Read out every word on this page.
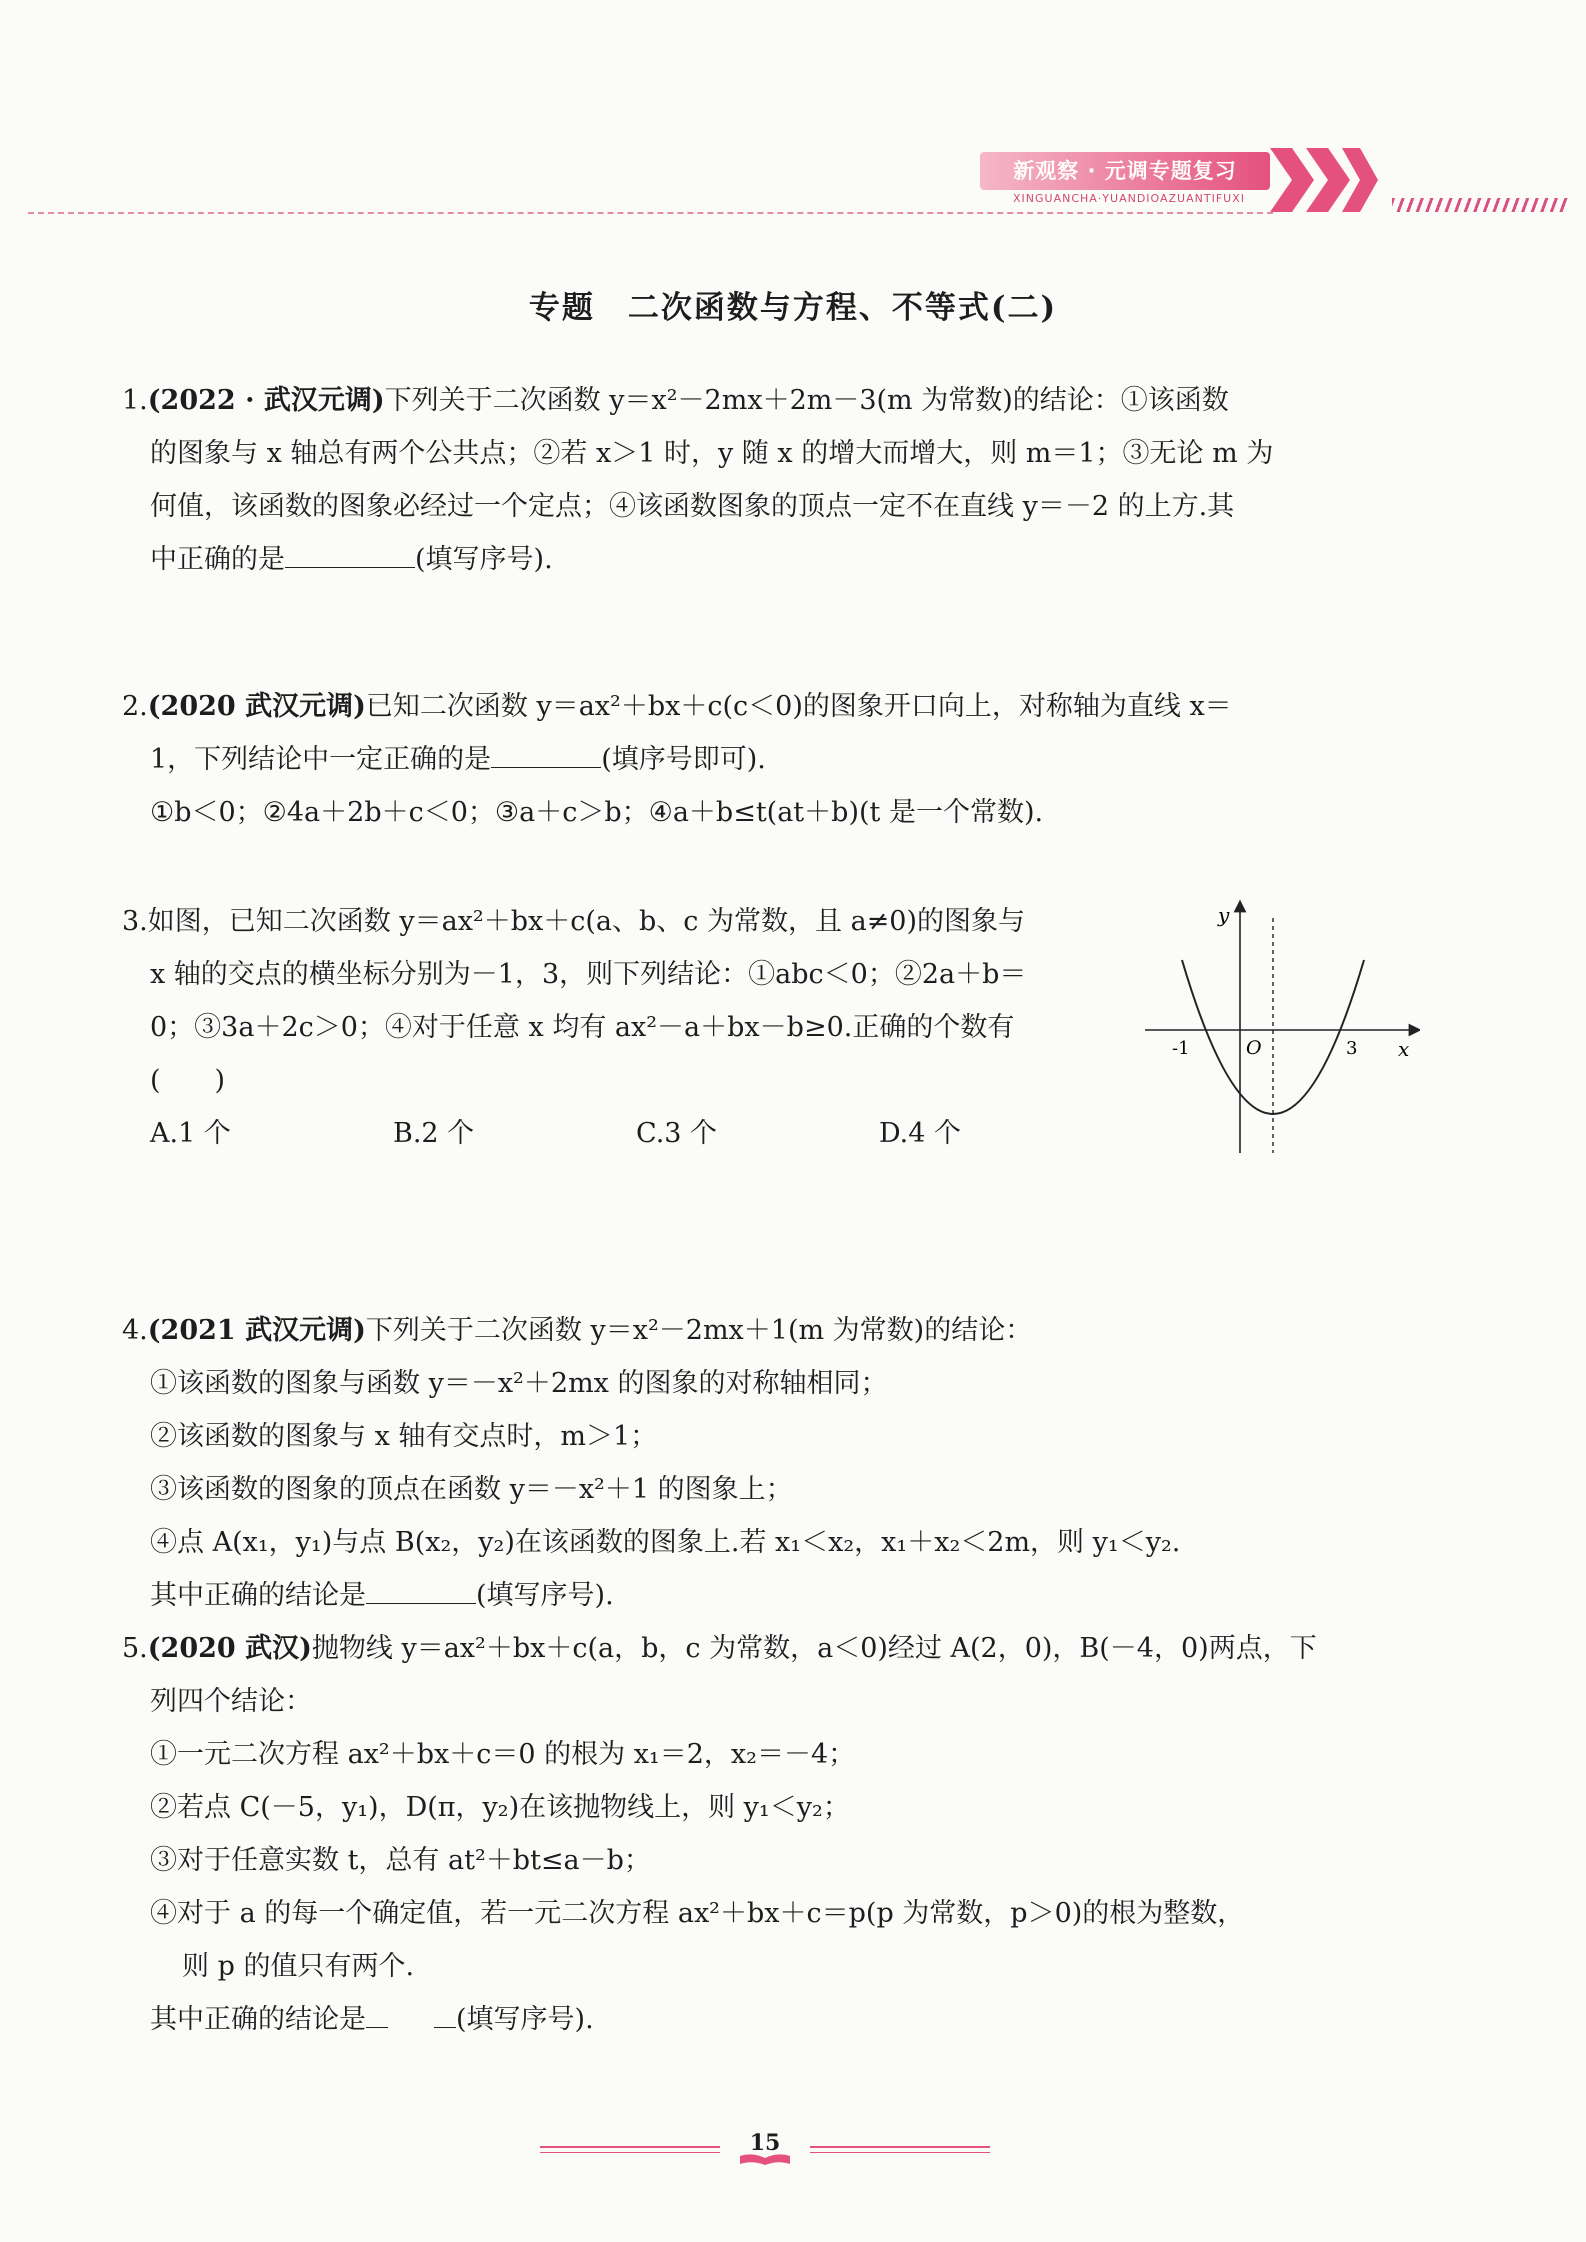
新观察 · 元调专题复习
XINGUANCHA·YUANDIOAZUANTIFUXI
专题　二次函数与方程、不等式(二)

1.(2022 · 武汉元调)下列关于二次函数 y＝x²－2mx＋2m－3(m 为常数)的结论：①该函数

的图象与 x 轴总有两个公共点；②若 x＞1 时，y 随 x 的增大而增大，则 m＝1；③无论 m 为

何值，该函数的图象必经过一个定点；④该函数图象的顶点一定不在直线 y＝－2 的上方.其

中正确的是	(填写序号).

2.(2020 武汉元调)已知二次函数 y＝ax²＋bx＋c(c＜0)的图象开口向上，对称轴为直线 x＝

1，下列结论中一定正确的是	(填序号即可).

①b＜0；②4a＋2b＋c＜0；③a＋c＞b；④a＋b≤t(at＋b)(t 是一个常数).

3.如图，已知二次函数 y＝ax²＋bx＋c(a、b、c 为常数，且 a≠0)的图象与

x 轴的交点的横坐标分别为－1，3，则下列结论：①abc＜0；②2a＋b＝

0；③3a＋2c＞0；④对于任意 x 均有 ax²－a＋bx－b≥0.正确的个数有

(　　)

A.1 个	B.2 个	C.3 个	D.4 个
y
x
O
-1	3

4.(2021 武汉元调)下列关于二次函数 y＝x²－2mx＋1(m 为常数)的结论：

①该函数的图象与函数 y＝－x²＋2mx 的图象的对称轴相同；

②该函数的图象与 x 轴有交点时，m＞1；

③该函数的图象的顶点在函数 y＝－x²＋1 的图象上；

④点 A(x₁，y₁)与点 B(x₂，y₂)在该函数的图象上.若 x₁＜x₂，x₁＋x₂＜2m，则 y₁＜y₂.

其中正确的结论是	(填写序号).

5.(2020 武汉)抛物线 y＝ax²＋bx＋c(a，b，c 为常数，a＜0)经过 A(2，0)，B(－4，0)两点，下

列四个结论：

①一元二次方程 ax²＋bx＋c＝0 的根为 x₁＝2，x₂＝－4；

②若点 C(－5，y₁)，D(π，y₂)在该抛物线上，则 y₁＜y₂；

③对于任意实数 t，总有 at²＋bt≤a－b；

④对于 a 的每一个确定值，若一元二次方程 ax²＋bx＋c＝p(p 为常数，p＞0)的根为整数，

则 p 的值只有两个.

其中正确的结论是	(填写序号).

15
